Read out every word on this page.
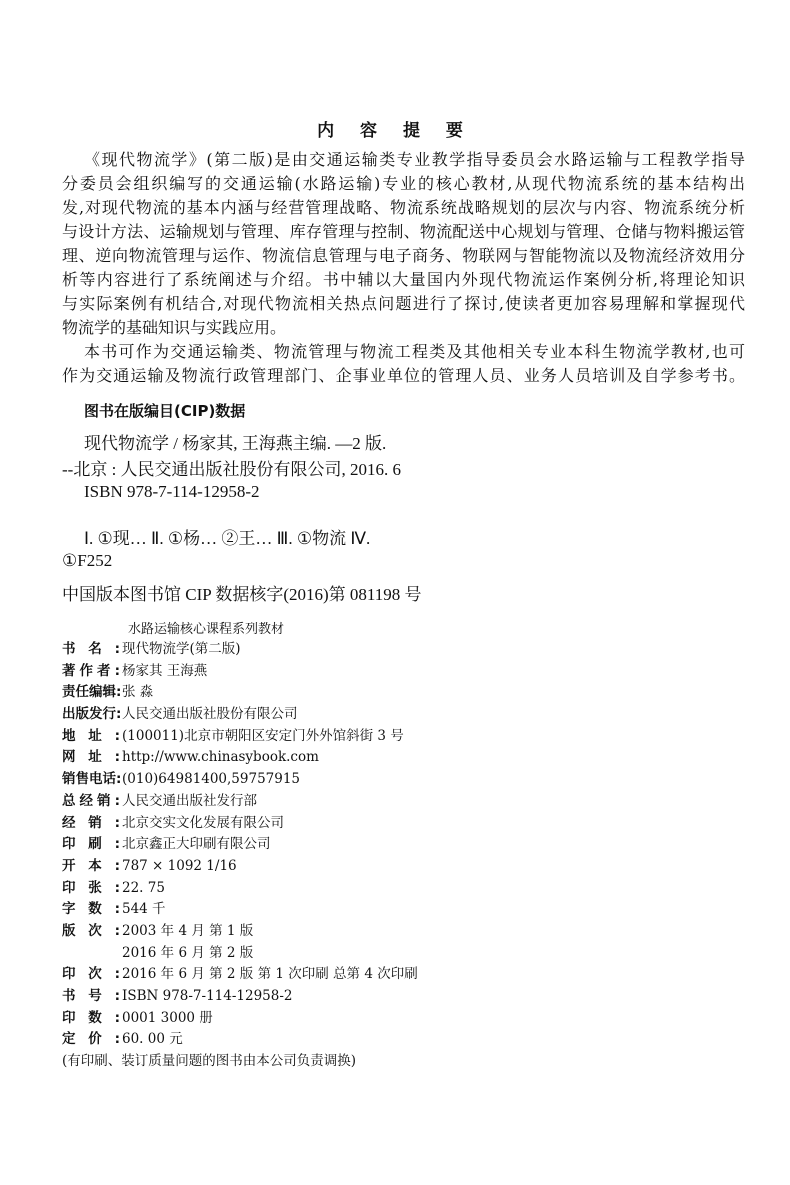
内 容 提 要
《现代物流学》(第二版)是由交通运输类专业教学指导委员会水路运输与工程教学指导
分委员会组织编写的交通运输(水路运输)专业的核心教材,从现代物流系统的基本结构出
发,对现代物流的基本内涵与经营管理战略、物流系统战略规划的层次与内容、物流系统分析
与设计方法、运输规划与管理、库存管理与控制、物流配送中心规划与管理、仓储与物料搬运管
理、逆向物流管理与运作、物流信息管理与电子商务、物联网与智能物流以及物流经济效用分
析等内容进行了系统阐述与介绍。书中辅以大量国内外现代物流运作案例分析,将理论知识
与实际案例有机结合,对现代物流相关热点问题进行了探讨,使读者更加容易理解和掌握现代
物流学的基础知识与实践应用。
本书可作为交通运输类、物流管理与物流工程类及其他相关专业本科生物流学教材,也可
作为交通运输及物流行政管理部门、企事业单位的管理人员、业务人员培训及自学参考书。
图书在版编目(CIP)数据
现代物流学 / 杨家其, 王海燕主编. —2 版.
--北京 : 人民交通出版社股份有限公司, 2016. 6
ISBN 978-7-114-12958-2
Ⅰ. ①现… Ⅱ. ①杨… ②王… Ⅲ. ①物流 Ⅳ.
①F252
中国版本图书馆 CIP 数据核字(2016)第 081198 号
水路运输核心课程系列教材
书名: 现代物流学(第二版)
著作者: 杨家其 王海燕
责任编辑: 张 淼
出版发行: 人民交通出版社股份有限公司
地址: (100011)北京市朝阳区安定门外外馆斜街 3 号
网址: http://www.chinasybook.com
销售电话: (010)64981400,59757915
总经销: 人民交通出版社发行部
经销: 北京交实文化发展有限公司
印刷: 北京鑫正大印刷有限公司
开本: 787 × 1092 1/16
印张: 22. 75
字数: 544 千
版次: 2003 年 4 月 第 1 版
2016 年 6 月 第 2 版
印次: 2016 年 6 月 第 2 版 第 1 次印刷 总第 4 次印刷
书号: ISBN 978-7-114-12958-2
印数: 0001 3000 册
定价: 60. 00 元
(有印刷、装订质量问题的图书由本公司负责调换)
